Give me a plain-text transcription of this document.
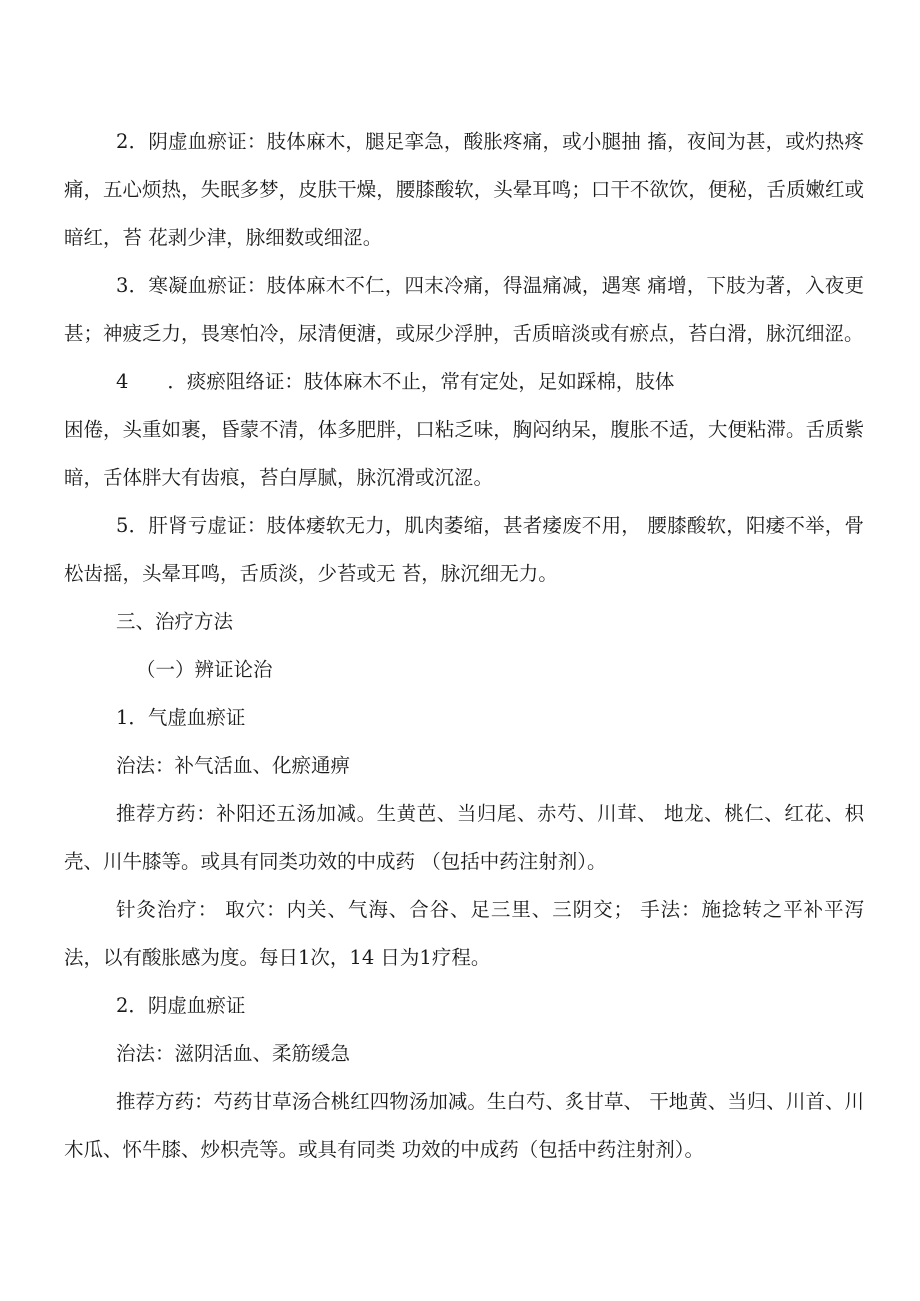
2．阴虚血瘀证：肢体麻木，腿足挛急，酸胀疼痛，或小腿抽 搐，夜间为甚，或灼热疼痛，五心烦热，失眠多梦，皮肤干燥，腰膝酸软，头晕耳鸣；口干不欲饮，便秘，舌质嫩红或暗红，苔 花剥少津，脉细数或细涩。

3．寒凝血瘀证：肢体麻木不仁，四末冷痛，得温痛减，遇寒 痛增，下肢为著，入夜更甚；神疲乏力，畏寒怕冷，尿清便溏，或尿少浮肿，舌质暗淡或有瘀点，苔白滑，脉沉细涩。

4　　．痰瘀阻络证：肢体麻木不止，常有定处，足如踩棉，肢体

困倦，头重如裹，昏蒙不清，体多肥胖，口粘乏味，胸闷纳呆，腹胀不适，大便粘滞。舌质紫暗，舌体胖大有齿痕，苔白厚腻，脉沉滑或沉涩。

5．肝肾亏虚证：肢体痿软无力，肌肉萎缩，甚者痿废不用， 腰膝酸软，阳痿不举，骨松齿摇，头晕耳鸣，舌质淡，少苔或无 苔，脉沉细无力。

三、治疗方法

（一）辨证论治

1．气虚血瘀证

治法：补气活血、化瘀通痹

推荐方药：补阳还五汤加减。生黄芭、当归尾、赤芍、川茸、 地龙、桃仁、红花、枳壳、川牛膝等。或具有同类功效的中成药 （包括中药注射剂）。

针灸治疗： 取穴：内关、气海、合谷、足三里、三阴交； 手法：施捻转之平补平泻法，以有酸胀感为度。每日1次，14 日为1疗程。

2．阴虚血瘀证

治法：滋阴活血、柔筋缓急

推荐方药：芍药甘草汤合桃红四物汤加减。生白芍、炙甘草、 干地黄、当归、川首、川木瓜、怀牛膝、炒枳壳等。或具有同类 功效的中成药（包括中药注射剂）。
